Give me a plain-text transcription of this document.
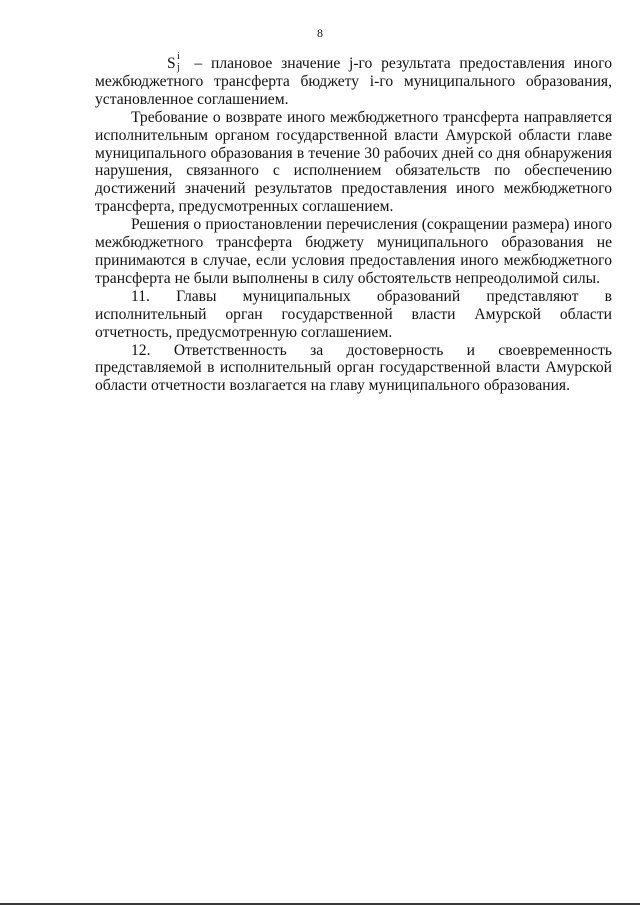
8

S i
j – плановое значение j-го результата предоставления иного межбюджетного трансферта бюджету i-го муниципального образования, установленное соглашением.

Требование о возврате иного межбюджетного трансферта направляется исполнительным органом государственной власти Амурской области главе муниципального образования в течение 30 рабочих дней со дня обнаружения нарушения, связанного с исполнением обязательств по обеспечению достижений значений результатов предоставления иного межбюджетного трансферта, предусмотренных соглашением.

Решения о приостановлении перечисления (сокращении размера) иного межбюджетного трансферта бюджету муниципального образования не принимаются в случае, если условия предоставления иного межбюджетного трансферта не были выполнены в силу обстоятельств непреодолимой силы.

11. Главы муниципальных образований представляют в исполнительный орган государственной власти Амурской области отчетность, предусмотренную соглашением.

12. Ответственность за достоверность и своевременность представляемой в исполнительный орган государственной власти Амурской области отчетности возлагается на главу муниципального образования.
